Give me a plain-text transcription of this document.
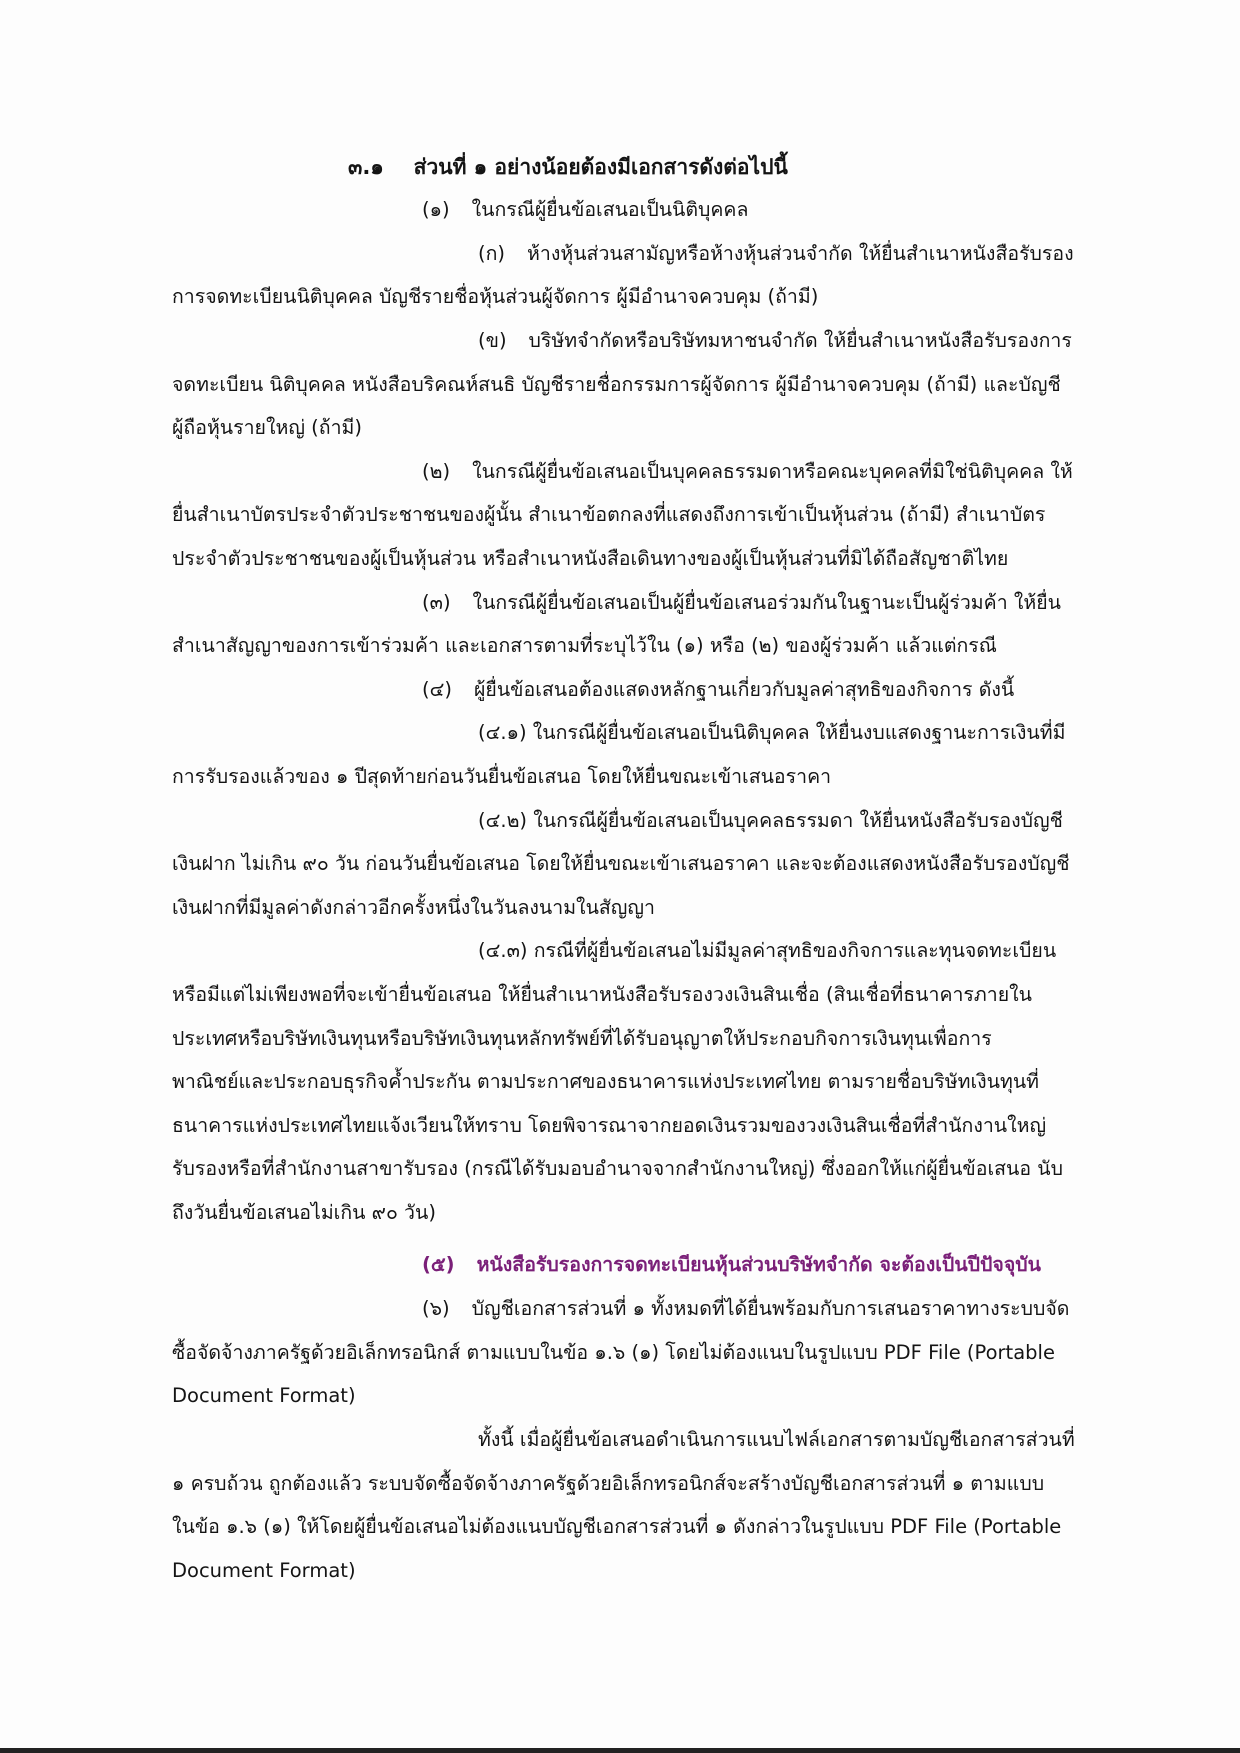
๓.๑ ส่วนที่ ๑ อย่างน้อยต้องมีเอกสารดังต่อไปนี้
(๑) ในกรณีผู้ยื่นข้อเสนอเป็นนิติบุคคล
(ก) ห้างหุ้นส่วนสามัญหรือห้างหุ้นส่วนจำกัด ให้ยื่นสำเนาหนังสือรับรอง
การจดทะเบียนนิติบุคคล บัญชีรายชื่อหุ้นส่วนผู้จัดการ ผู้มีอำนาจควบคุม (ถ้ามี)
(ข) บริษัทจำกัดหรือบริษัทมหาชนจำกัด ให้ยื่นสำเนาหนังสือรับรองการ
จดทะเบียน นิติบุคคล หนังสือบริคณห์สนธิ บัญชีรายชื่อกรรมการผู้จัดการ ผู้มีอำนาจควบคุม (ถ้ามี) และบัญชี
ผู้ถือหุ้นรายใหญ่ (ถ้ามี)
(๒) ในกรณีผู้ยื่นข้อเสนอเป็นบุคคลธรรมดาหรือคณะบุคคลที่มิใช่นิติบุคคล ให้
ยื่นสำเนาบัตรประจำตัวประชาชนของผู้นั้น สำเนาข้อตกลงที่แสดงถึงการเข้าเป็นหุ้นส่วน (ถ้ามี) สำเนาบัตร
ประจำตัวประชาชนของผู้เป็นหุ้นส่วน หรือสำเนาหนังสือเดินทางของผู้เป็นหุ้นส่วนที่มิได้ถือสัญชาติไทย
(๓) ในกรณีผู้ยื่นข้อเสนอเป็นผู้ยื่นข้อเสนอร่วมกันในฐานะเป็นผู้ร่วมค้า ให้ยื่น
สำเนาสัญญาของการเข้าร่วมค้า และเอกสารตามที่ระบุไว้ใน (๑) หรือ (๒) ของผู้ร่วมค้า แล้วแต่กรณี
(๔) ผู้ยื่นข้อเสนอต้องแสดงหลักฐานเกี่ยวกับมูลค่าสุทธิของกิจการ ดังนี้
(๔.๑) ในกรณีผู้ยื่นข้อเสนอเป็นนิติบุคคล ให้ยื่นงบแสดงฐานะการเงินที่มี
การรับรองแล้วของ ๑ ปีสุดท้ายก่อนวันยื่นข้อเสนอ โดยให้ยื่นขณะเข้าเสนอราคา
(๔.๒) ในกรณีผู้ยื่นข้อเสนอเป็นบุคคลธรรมดา ให้ยื่นหนังสือรับรองบัญชี
เงินฝาก ไม่เกิน ๙๐ วัน ก่อนวันยื่นข้อเสนอ โดยให้ยื่นขณะเข้าเสนอราคา และจะต้องแสดงหนังสือรับรองบัญชี
เงินฝากที่มีมูลค่าดังกล่าวอีกครั้งหนึ่งในวันลงนามในสัญญา
(๔.๓) กรณีที่ผู้ยื่นข้อเสนอไม่มีมูลค่าสุทธิของกิจการและทุนจดทะเบียน
หรือมีแต่ไม่เพียงพอที่จะเข้ายื่นข้อเสนอ ให้ยื่นสำเนาหนังสือรับรองวงเงินสินเชื่อ (สินเชื่อที่ธนาคารภายใน
ประเทศหรือบริษัทเงินทุนหรือบริษัทเงินทุนหลักทรัพย์ที่ได้รับอนุญาตให้ประกอบกิจการเงินทุนเพื่อการ
พาณิชย์และประกอบธุรกิจค้ำประกัน ตามประกาศของธนาคารแห่งประเทศไทย ตามรายชื่อบริษัทเงินทุนที่
ธนาคารแห่งประเทศไทยแจ้งเวียนให้ทราบ โดยพิจารณาจากยอดเงินรวมของวงเงินสินเชื่อที่สำนักงานใหญ่
รับรองหรือที่สำนักงานสาขารับรอง (กรณีได้รับมอบอำนาจจากสำนักงานใหญ่) ซึ่งออกให้แก่ผู้ยื่นข้อเสนอ นับ
ถึงวันยื่นข้อเสนอไม่เกิน ๙๐ วัน)
(๕) หนังสือรับรองการจดทะเบียนหุ้นส่วนบริษัทจำกัด จะต้องเป็นปีปัจจุบัน
(๖) บัญชีเอกสารส่วนที่ ๑ ทั้งหมดที่ได้ยื่นพร้อมกับการเสนอราคาทางระบบจัด
ซื้อจัดจ้างภาครัฐด้วยอิเล็กทรอนิกส์ ตามแบบในข้อ ๑.๖ (๑) โดยไม่ต้องแนบในรูปแบบ PDF File (Portable
Document Format)
ทั้งนี้ เมื่อผู้ยื่นข้อเสนอดำเนินการแนบไฟล์เอกสารตามบัญชีเอกสารส่วนที่
๑ ครบถ้วน ถูกต้องแล้ว ระบบจัดซื้อจัดจ้างภาครัฐด้วยอิเล็กทรอนิกส์จะสร้างบัญชีเอกสารส่วนที่ ๑ ตามแบบ
ในข้อ ๑.๖ (๑) ให้โดยผู้ยื่นข้อเสนอไม่ต้องแนบบัญชีเอกสารส่วนที่ ๑ ดังกล่าวในรูปแบบ PDF File (Portable
Document Format)
